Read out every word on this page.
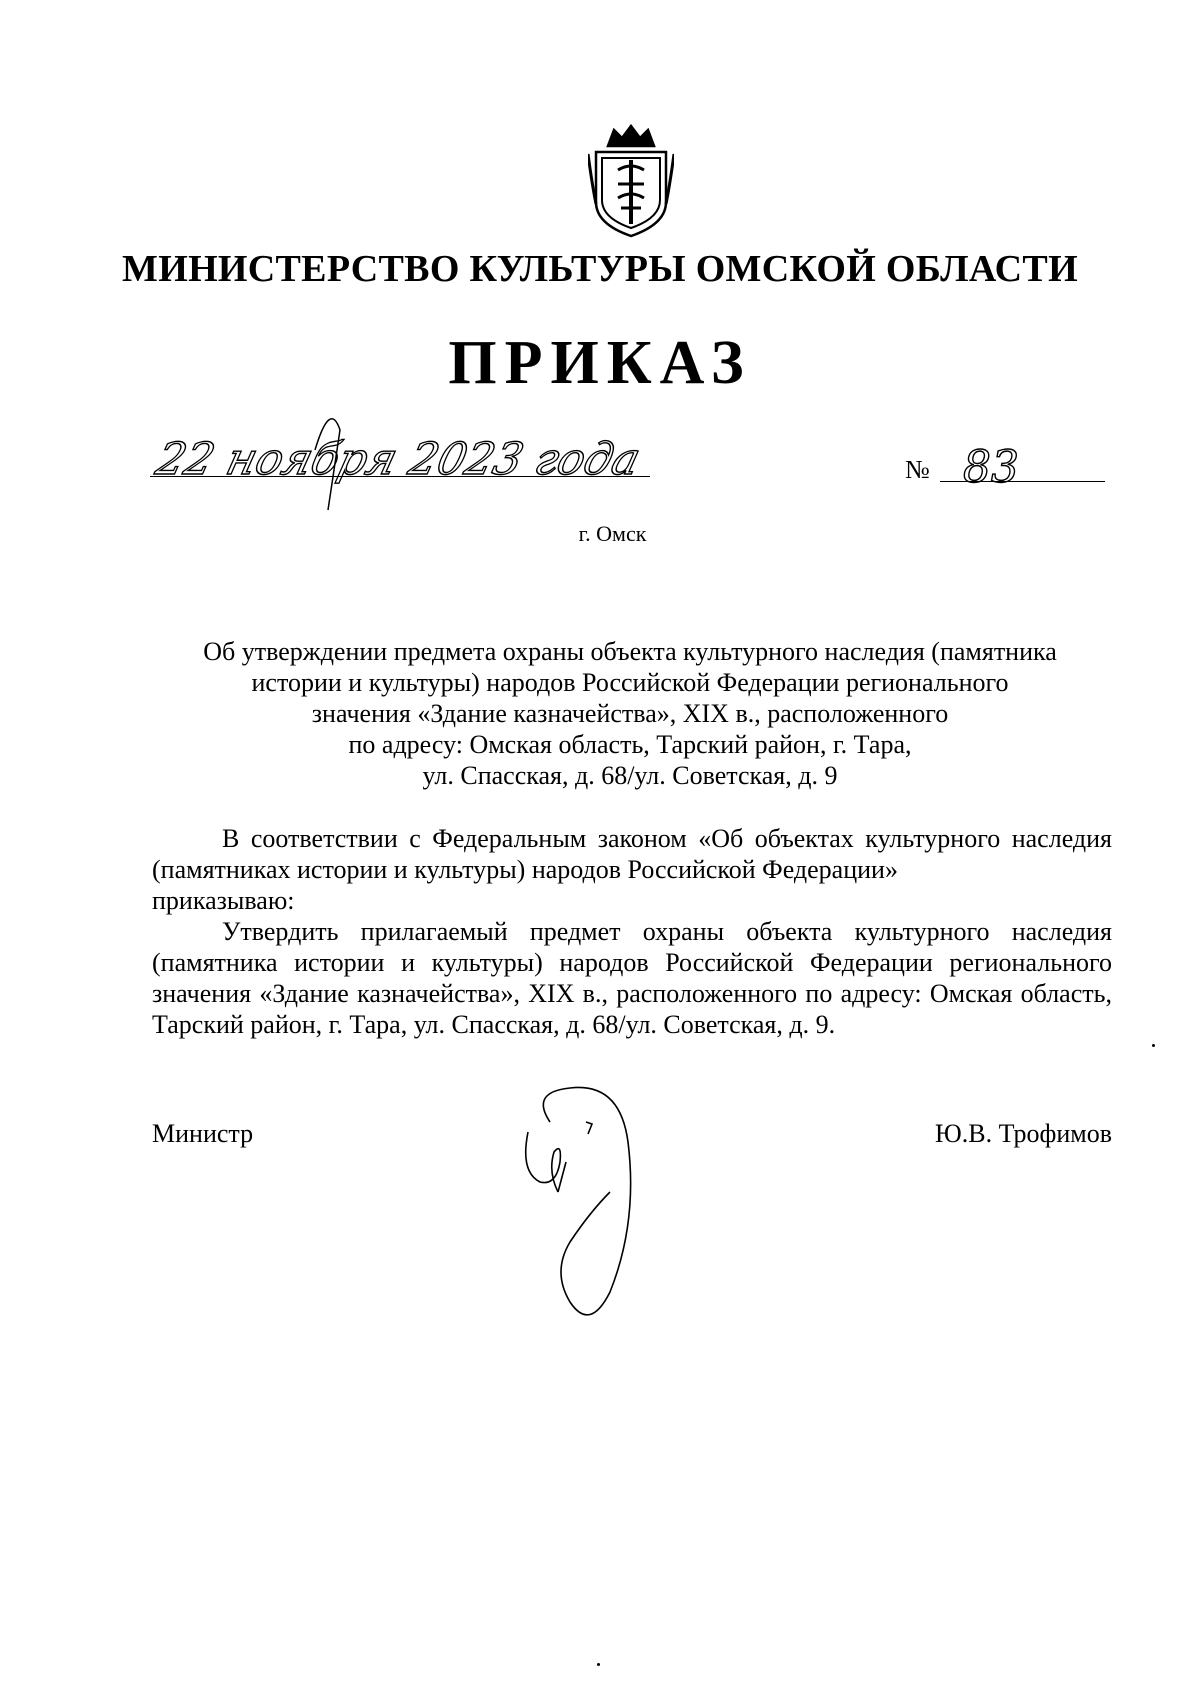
МИНИСТЕРСТВО КУЛЬТУРЫ ОМСКОЙ ОБЛАСТИ
ПРИКАЗ
22 ноября 2023 года	№ 83
г. Омск
Об утверждении предмета охраны объекта культурного наследия (памятника
истории и культуры) народов Российской Федерации регионального
значения «Здание казначейства», XIX в., расположенного
по адресу: Омская область, Тарский район, г. Тара,
ул. Спасская, д. 68/ул. Советская, д. 9

В соответствии с Федеральным законом «Об объектах культурного наследия (памятниках истории и культуры) народов Российской Федерации»

приказываю:

Утвердить прилагаемый предмет охраны объекта культурного наследия (памятника истории и культуры) народов Российской Федерации регионального значения «Здание казначейства», XIX в., расположенного по адресу: Омская область, Тарский район, г. Тара, ул. Спасская, д. 68/ул. Советская, д. 9.

Министр	Ю.В. Трофимов
